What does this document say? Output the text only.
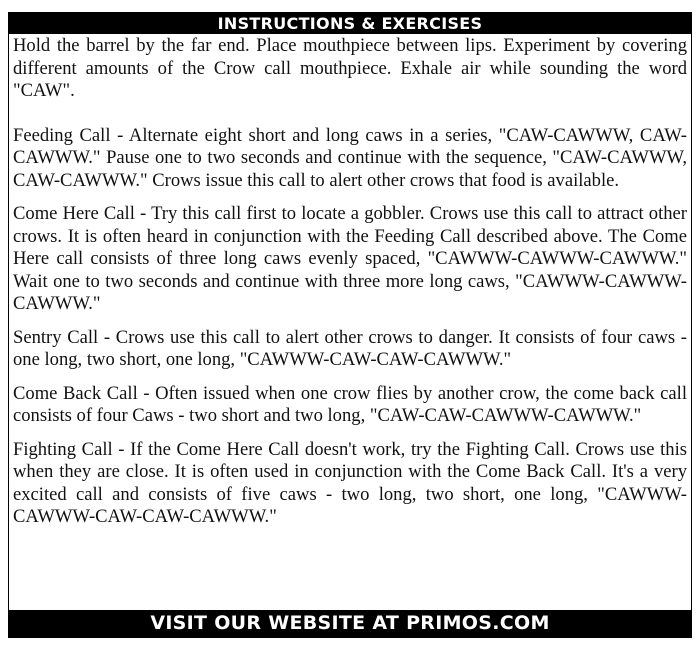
INSTRUCTIONS & EXERCISES

Hold the barrel by the far end. Place mouthpiece between lips. Experiment by covering different amounts of the Crow call mouthpiece. Exhale air while sounding the word "CAW".

Feeding Call - Alternate eight short and long caws in a series, "CAW-CAWWW, CAW-CAWWW." Pause one to two seconds and continue with the sequence, "CAW-CAWWW, CAW-CAWWW." Crows issue this call to alert other crows that food is available.

Come Here Call - Try this call first to locate a gobbler. Crows use this call to attract other crows. It is often heard in conjunction with the Feeding Call described above. The Come Here call consists of three long caws evenly spaced, "CAWWW-CAWWW-CAWWW." Wait one to two seconds and continue with three more long caws, "CAWWW-CAWWW-CAWWW."

Sentry Call - Crows use this call to alert other crows to danger. It consists of four caws - one long, two short, one long, "CAWWW-CAW-CAW-CAWWW."

Come Back Call - Often issued when one crow flies by another crow, the come back call consists of four Caws - two short and two long, "CAW-CAW-CAWWW-CAWWW."

Fighting Call - If the Come Here Call doesn't work, try the Fighting Call. Crows use this when they are close. It is often used in conjunction with the Come Back Call. It's a very excited call and consists of five caws - two long, two short, one long, "CAWWW-CAWWW-CAW-CAW-CAWWW."

VISIT OUR WEBSITE AT PRIMOS.COM
